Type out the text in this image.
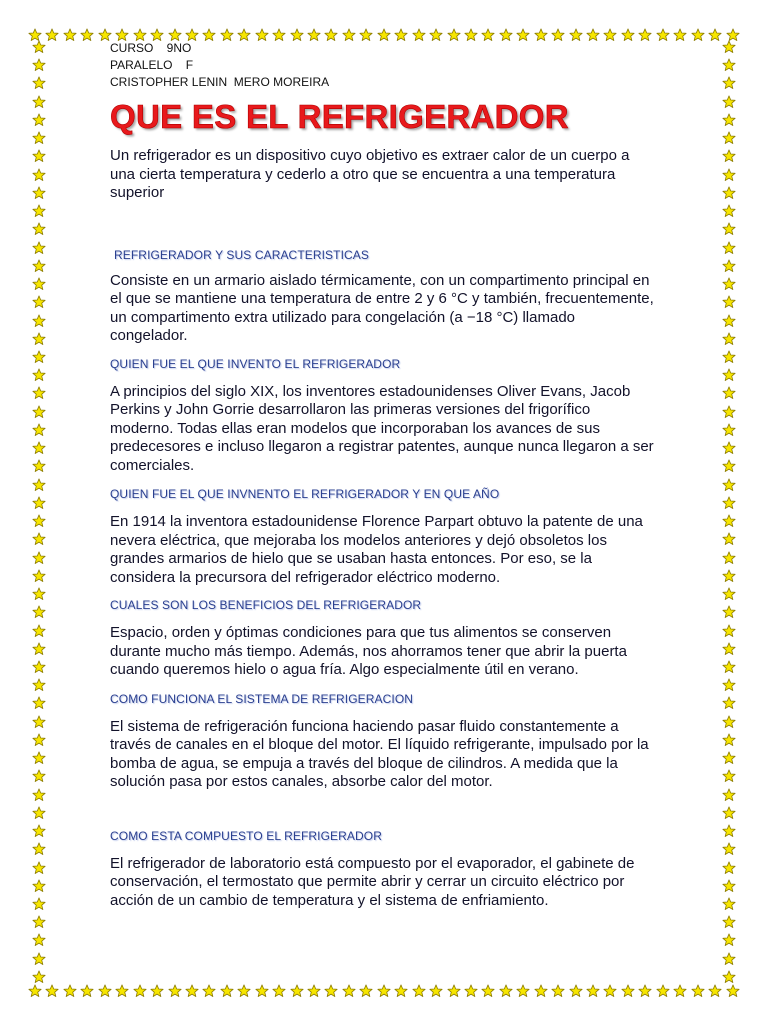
CURSO    9NO
PARALELO    F
CRISTOPHER LENIN  MERO MOREIRA
QUE ES EL REFRIGERADOR

Un refrigerador es un dispositivo cuyo objetivo es extraer calor de un cuerpo a una cierta temperatura y cederlo a otro que se encuentra a una temperatura superior

REFRIGERADOR Y SUS CARACTERISTICAS

Consiste en un armario aislado térmicamente, con un compartimento principal en el que se mantiene una temperatura de entre 2 y 6 °C y también, frecuentemente, un compartimento extra utilizado para congelación (a −18 °C) llamado congelador.

QUIEN FUE EL QUE INVENTO EL REFRIGERADOR

A principios del siglo XIX, los inventores estadounidenses Oliver Evans, Jacob Perkins y John Gorrie desarrollaron las primeras versiones del frigorífico moderno. Todas ellas eran modelos que incorporaban los avances de sus predecesores e incluso llegaron a registrar patentes, aunque nunca llegaron a ser comerciales.

QUIEN FUE EL QUE INVNENTO EL REFRIGERADOR Y EN QUE AÑO

En 1914 la inventora estadounidense Florence Parpart obtuvo la patente de una nevera eléctrica, que mejoraba los modelos anteriores y dejó obsoletos los grandes armarios de hielo que se usaban hasta entonces. Por eso, se la considera la precursora del refrigerador eléctrico moderno.

CUALES SON LOS BENEFICIOS DEL REFRIGERADOR

Espacio, orden y óptimas condiciones para que tus alimentos se conserven durante mucho más tiempo. Además, nos ahorramos tener que abrir la puerta cuando queremos hielo o agua fría. Algo especialmente útil en verano.

COMO FUNCIONA EL SISTEMA DE REFRIGERACION

El sistema de refrigeración funciona haciendo pasar fluido constantemente a través de canales en el bloque del motor. El líquido refrigerante, impulsado por la bomba de agua, se empuja a través del bloque de cilindros. A medida que la solución pasa por estos canales, absorbe calor del motor.

COMO ESTA COMPUESTO EL REFRIGERADOR

El refrigerador de laboratorio está compuesto por el evaporador, el gabinete de conservación, el termostato que permite abrir y cerrar un circuito eléctrico por acción de un cambio de temperatura y el sistema de enfriamiento.
